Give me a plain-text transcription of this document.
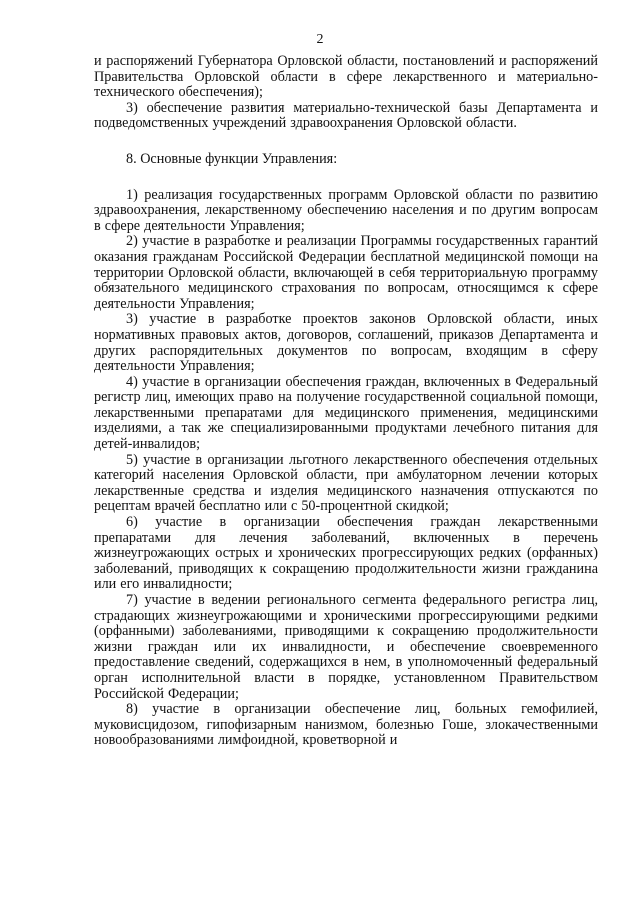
2

и распоряжений Губернатора Орловской области, постановлений и распоряжений Правительства Орловской области в сфере лекарственного и материально-технического обеспечения);

3) обеспечение развития материально-технической базы Департамента и подведомственных учреждений здравоохранения Орловской области.

8. Основные функции Управления:

1) реализация государственных программ Орловской области по развитию здравоохранения, лекарственному обеспечению населения и по другим вопросам в сфере деятельности Управления;

2) участие в разработке и реализации Программы государственных гарантий оказания гражданам Российской Федерации бесплатной медицинской помощи на территории Орловской области, включающей в себя территориальную программу обязательного медицинского страхования по вопросам, относящимся к сфере деятельности Управления;

3) участие в разработке проектов законов Орловской области, иных нормативных правовых актов, договоров, соглашений, приказов Департамента и других распорядительных документов по вопросам, входящим в сферу деятельности Управления;

4) участие в организации обеспечения граждан, включенных в Федеральный регистр лиц, имеющих право на получение государственной социальной помощи, лекарственными препаратами для медицинского применения, медицинскими изделиями, а так же специализированными продуктами лечебного питания для детей-инвалидов;

5) участие в организации льготного лекарственного обеспечения отдельных категорий населения Орловской области, при амбулаторном лечении которых лекарственные средства и изделия медицинского назначения отпускаются по рецептам врачей бесплатно или с 50-процентной скидкой;

6) участие в организации обеспечения граждан лекарственными препаратами для лечения заболеваний, включенных в перечень жизнеугрожающих острых и хронических прогрессирующих редких (орфанных) заболеваний, приводящих к сокращению продолжительности жизни гражданина или его инвалидности;

7) участие в ведении регионального сегмента федерального регистра лиц, страдающих жизнеугрожающими и хроническими прогрессирующими редкими (орфанными) заболеваниями, приводящими к сокращению продолжительности жизни граждан или их инвалидности, и обеспечение своевременного предоставление сведений, содержащихся в нем, в уполномоченный федеральный орган исполнительной власти в порядке, установленном Правительством Российской Федерации;

8) участие в организации обеспечение лиц, больных гемофилией, муковисцидозом, гипофизарным нанизмом, болезнью Гоше, злокачественными новообразованиями лимфоидной, кроветворной и
